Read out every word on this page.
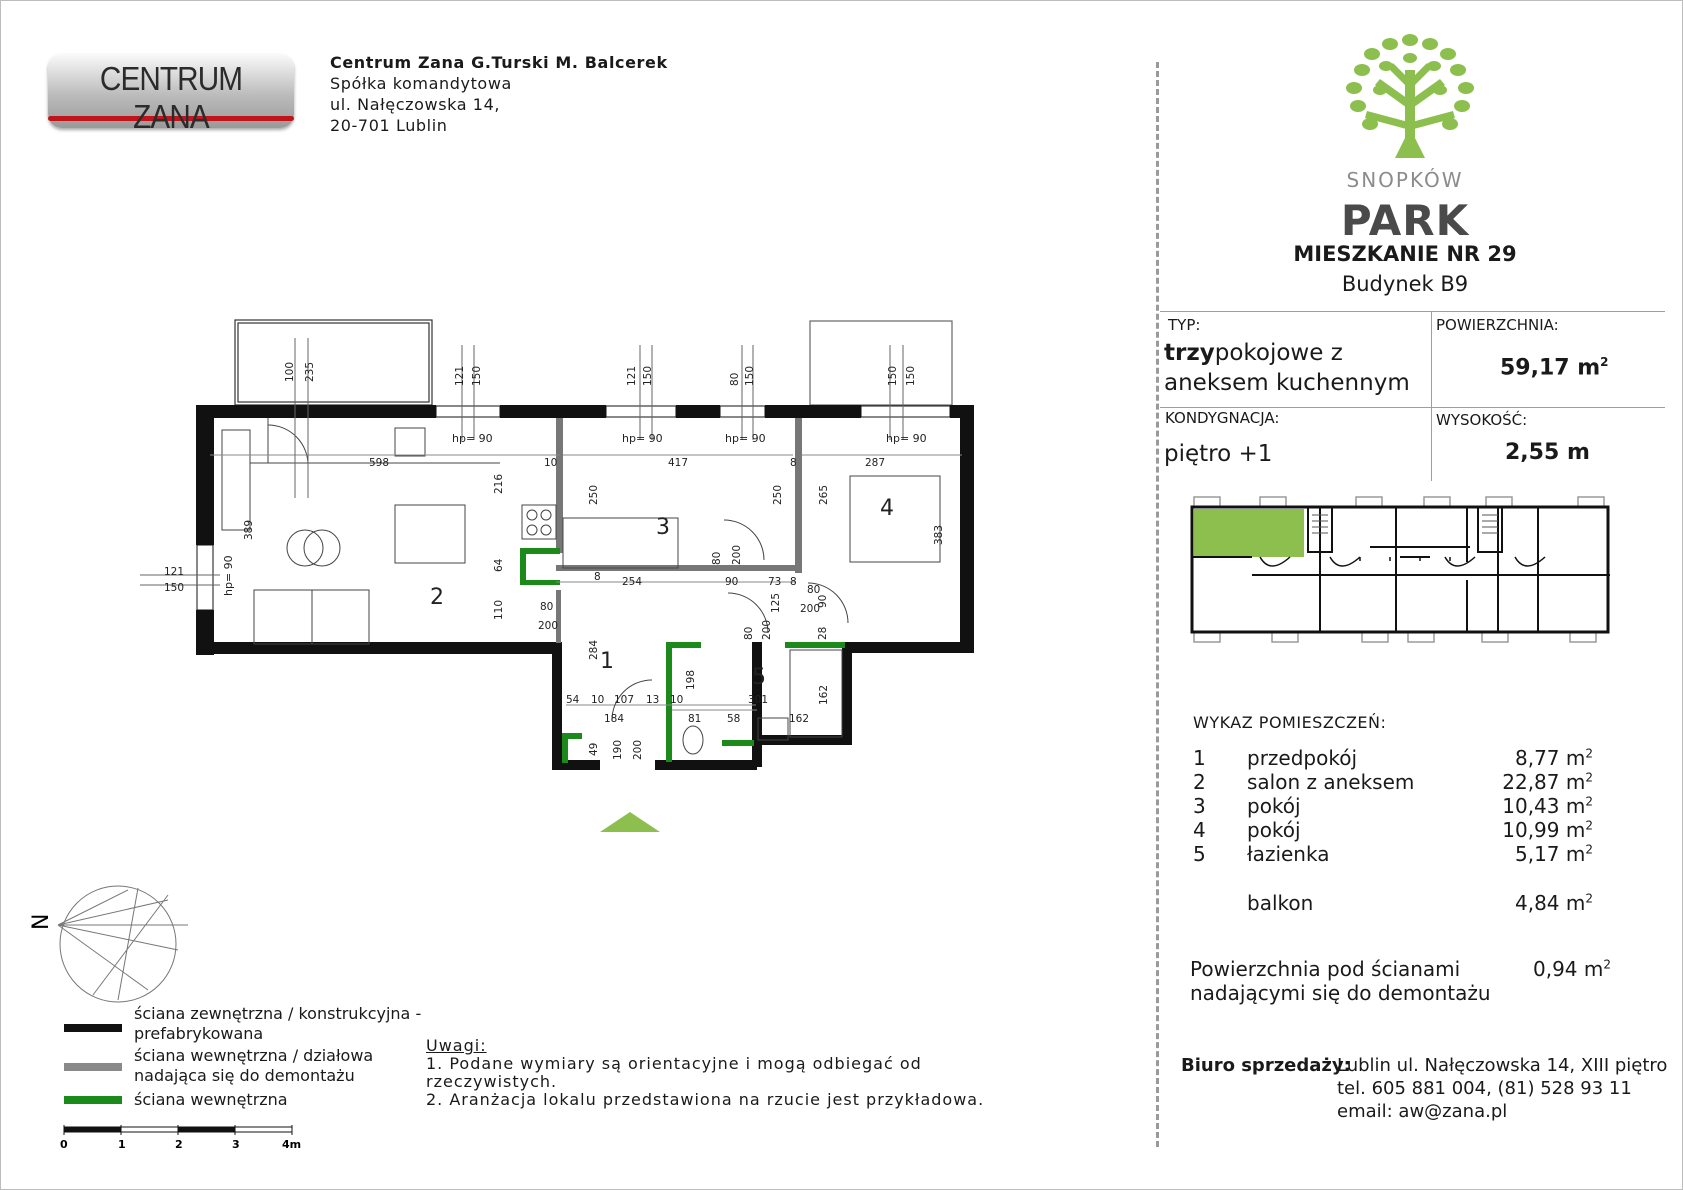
CENTRUM ZANA
Centrum Zana G.Turski M. Balcerek
Spółka komandytowa
ul. Nałęczowska 14,
20-701 Lublin
SNOPKÓW
PARK
MIESZKANIE NR 29
Budynek B9
TYP:
trzypokojowe z
aneksem kuchennym
POWIERZCHNIA:
59,17 $m^2$
KONDYGNACJA:
piętro +1
WYSOKOŚĆ:
2,55 m
WYKAZ POMIESZCZEŃ:
1 przedpokój	8,77 $m^2$
2 salon z aneksem	22,87 $m^2$
3 pokój	10,43 $m^2$
4 pokój	10,99 $m^2$
5 łazienka	5,17 $m^2$
balkon	4,84 $m^2$
Powierzchnia pod ścianami
nadającymi się do demontażu
0,94 $m^2$
Biuro sprzedaży:
Lublin ul. Nałęczowska 14, XIII piętro
tel. 605 881 004, (81) 528 93 11
email: aw@zana.pl
N
ściana zewnętrzna / konstrukcyjna -
prefabrykowana
ściana wewnętrzna / działowa
nadająca się do demontażu
ściana wewnętrzna
0	1	2	3	4m
Uwagi:
1. Podane wymiary są orientacyjne i mogą odbiegać od
rzeczywistych.
2. Aranżacja lokalu przedstawiona na rzucie jest przykładowa.
1
2
3
4
5
hp= 90	hp= 90	hp= 90	hp= 90
hp= 90
100 235	121 150	121 150	80 150	150 150
598	10	417	8	287
389
216
250	250	265
383
121
150
64
8 254	90	73 8
80 200
80
200
110	80
200
125
80 200
90
28
284
198
301	162
54 10 107 13 10
184	81 58	162
49 190 200
